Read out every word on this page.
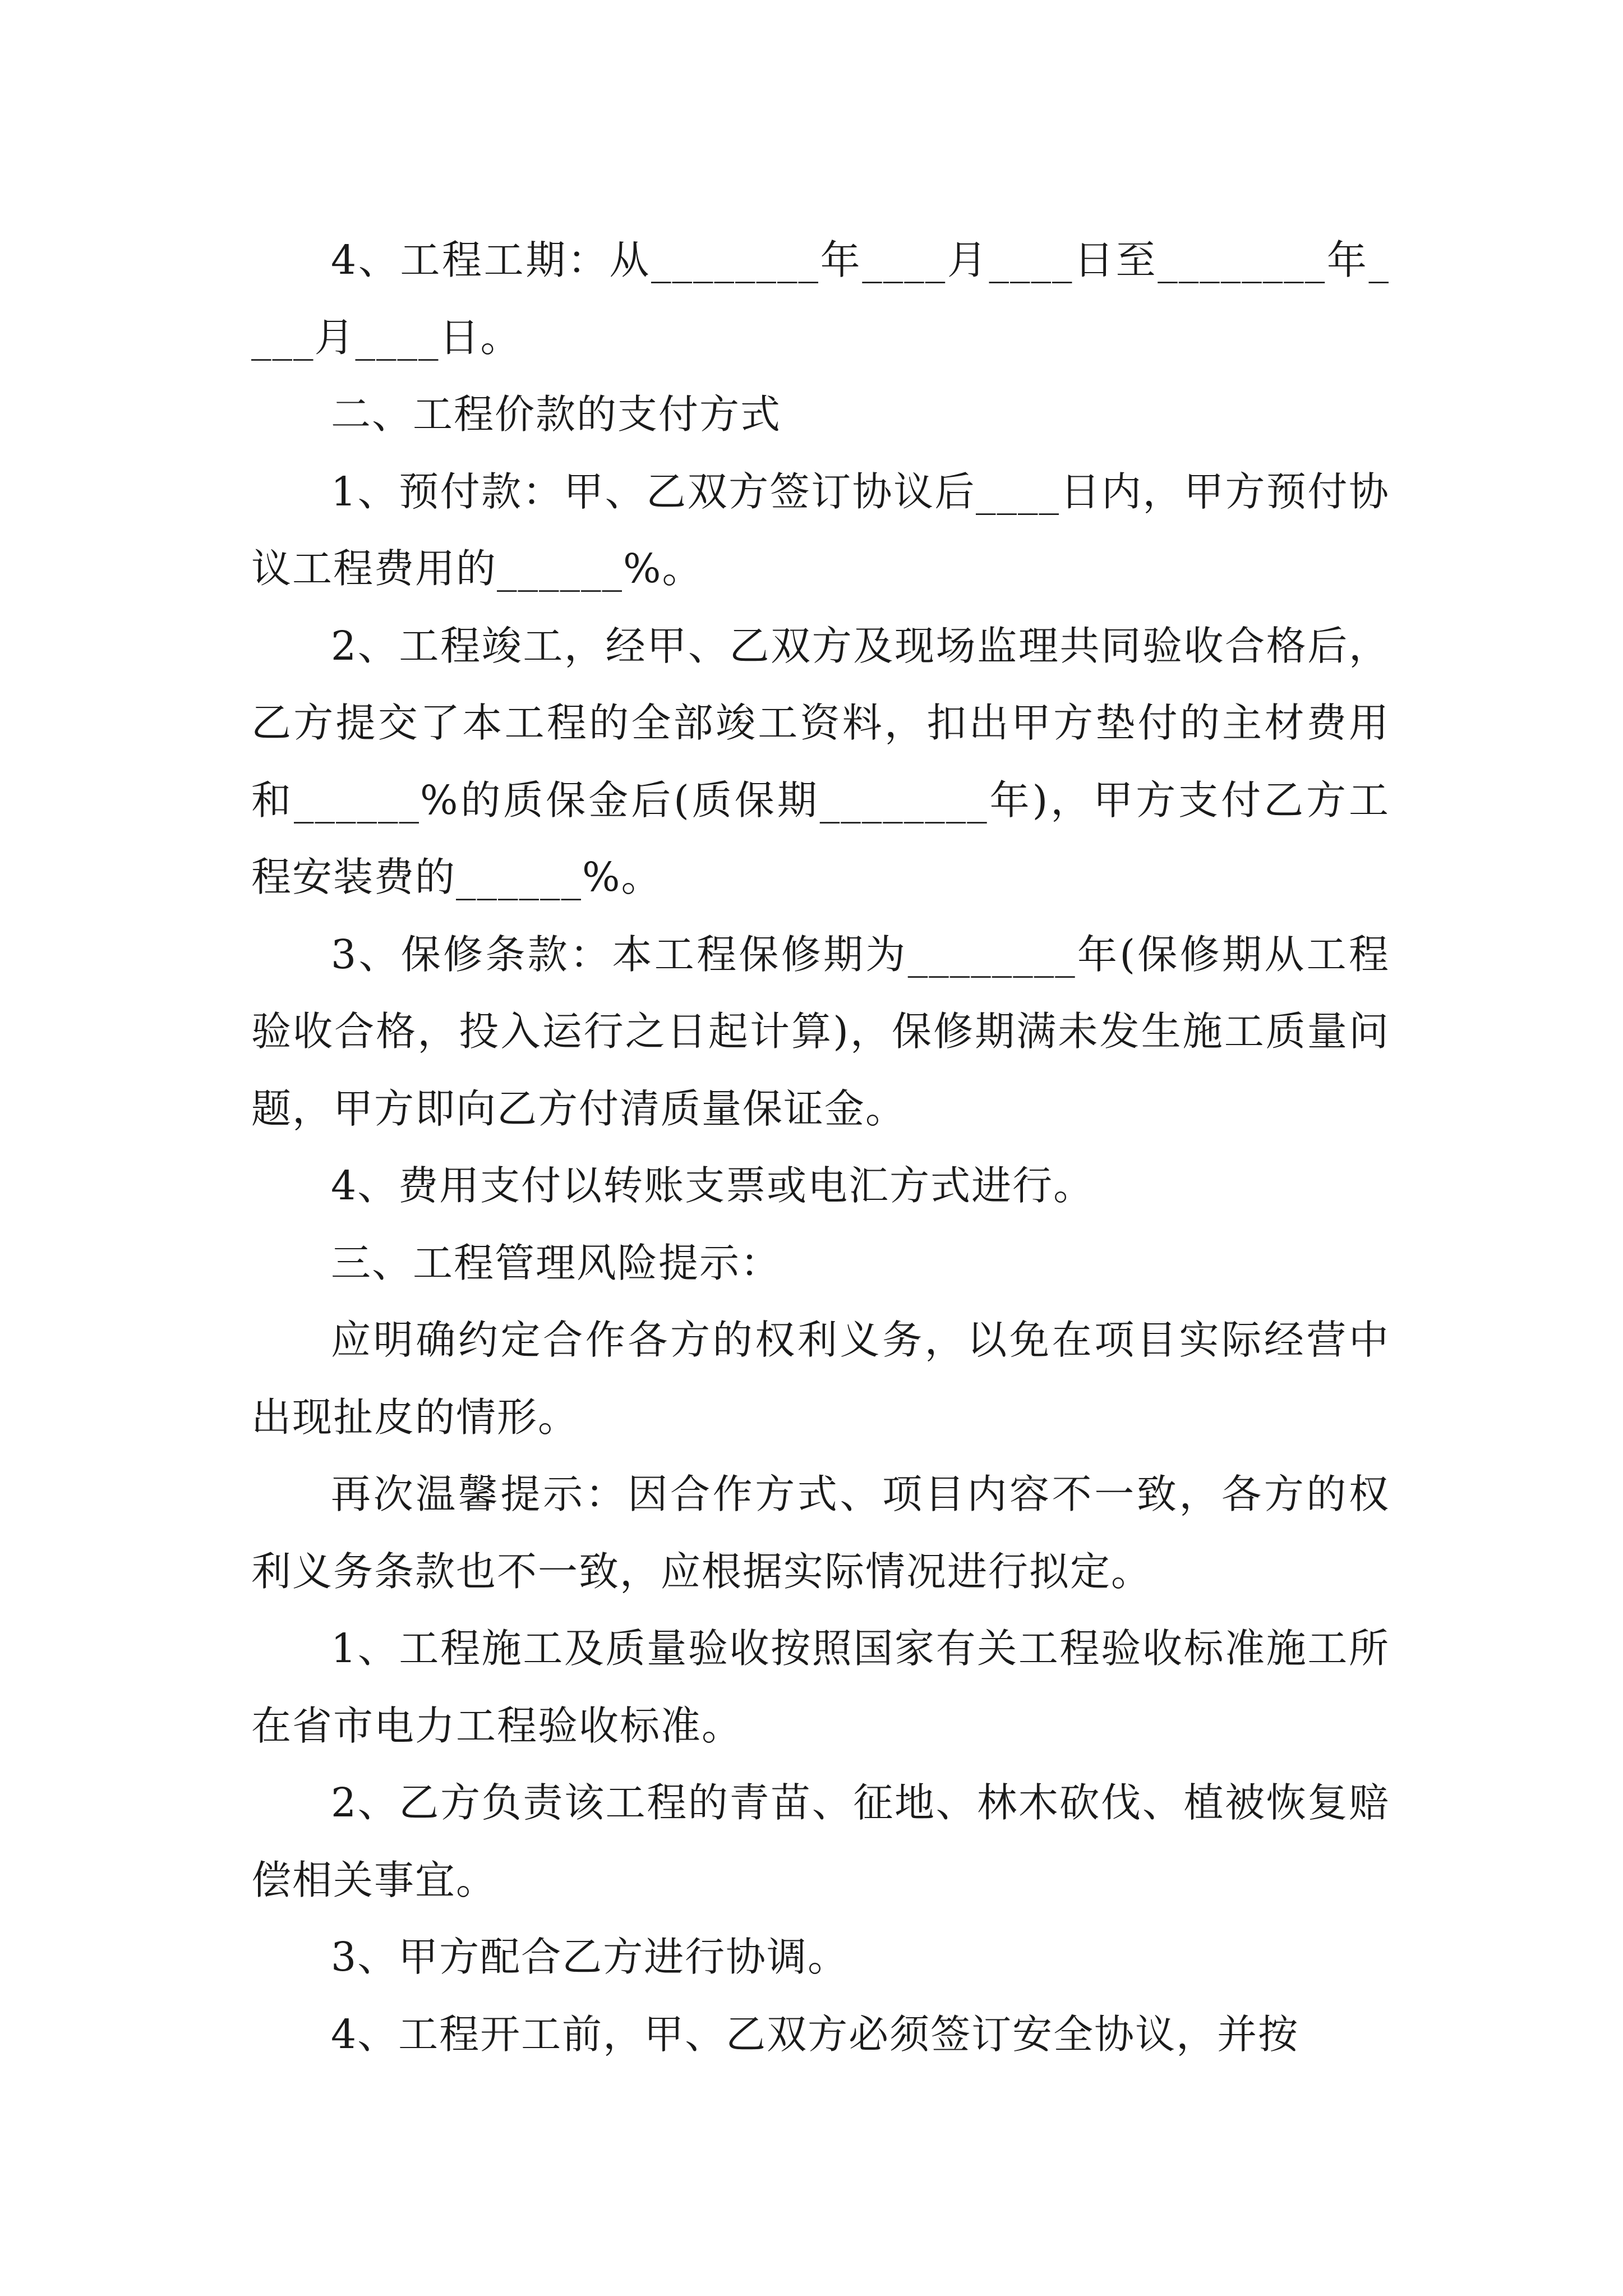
4、工程工期：从________年____月____日至________年____月____日。

二、工程价款的支付方式

1、预付款：甲、乙双方签订协议后____日内，甲方预付协议工程费用的______%。

2、工程竣工，经甲、乙双方及现场监理共同验收合格后，乙方提交了本工程的全部竣工资料，扣出甲方垫付的主材费用和______%的质保金后(质保期________年)，甲方支付乙方工程安装费的______%。

3、保修条款：本工程保修期为________年(保修期从工程验收合格，投入运行之日起计算)，保修期满未发生施工质量问题，甲方即向乙方付清质量保证金。

4、费用支付以转账支票或电汇方式进行。

三、工程管理风险提示：

应明确约定合作各方的权利义务，以免在项目实际经营中出现扯皮的情形。

再次温馨提示：因合作方式、项目内容不一致，各方的权利义务条款也不一致，应根据实际情况进行拟定。

1、工程施工及质量验收按照国家有关工程验收标准施工所在省市电力工程验收标准。

2、乙方负责该工程的青苗、征地、林木砍伐、植被恢复赔偿相关事宜。

3、甲方配合乙方进行协调。

4、工程开工前，甲、乙双方必须签订安全协议，并按
